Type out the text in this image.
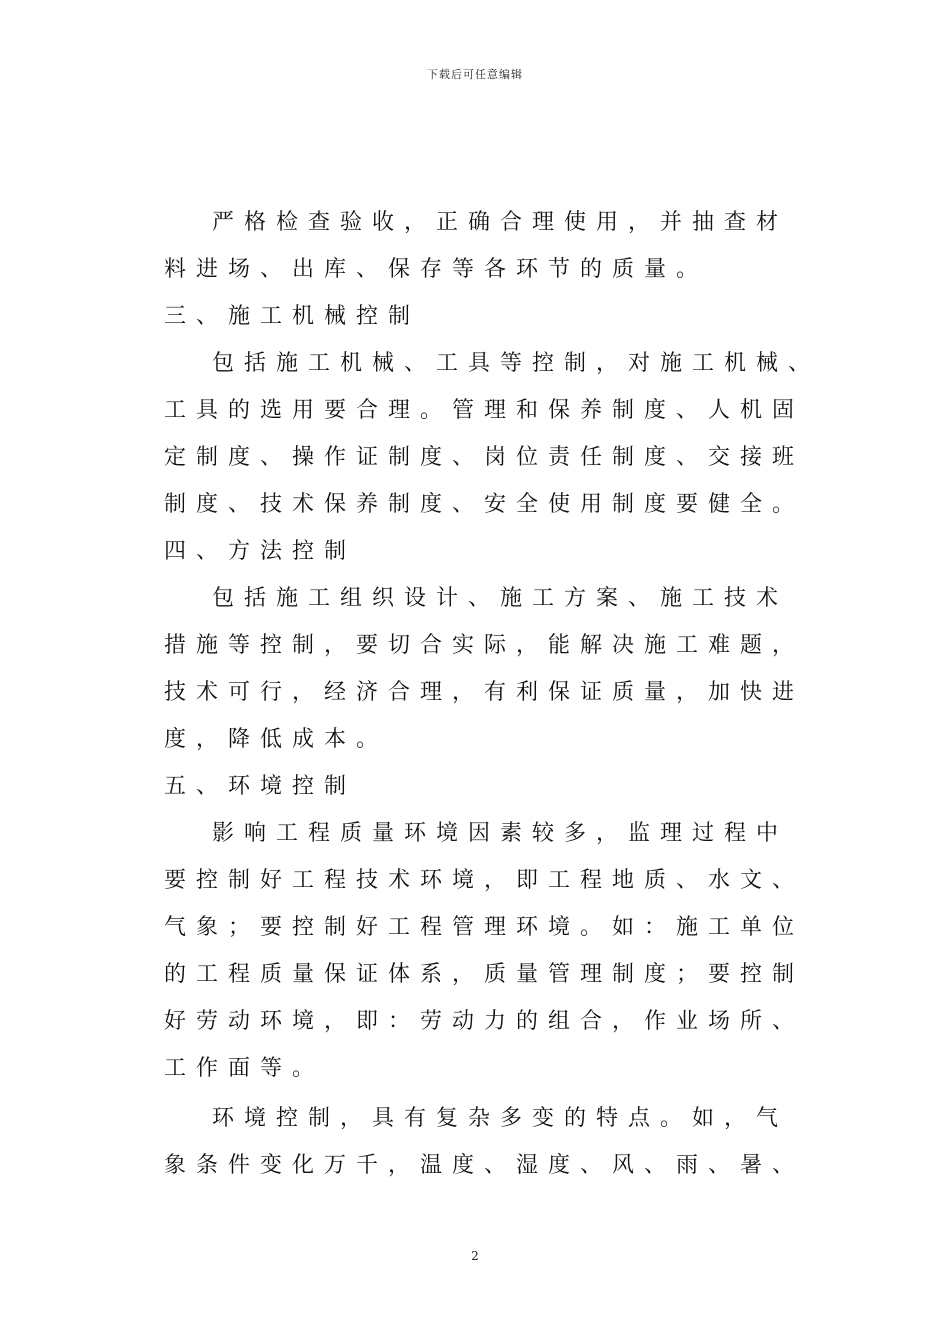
下载后可任意编辑
严格检查验收，正确合理使用，并抽查材
料进场、出库、保存等各环节的质量。
三、施工机械控制
包括施工机械、工具等控制，对施工机械、
工具的选用要合理。管理和保养制度、人机固
定制度、操作证制度、岗位责任制度、交接班
制度、技术保养制度、安全使用制度要健全。
四、方法控制
包括施工组织设计、施工方案、施工技术
措施等控制，要切合实际，能解决施工难题，
技术可行，经济合理，有利保证质量，加快进
度，降低成本。
五、环境控制
影响工程质量环境因素较多，监理过程中
要控制好工程技术环境，即工程地质、水文、
气象；要控制好工程管理环境。如：施工单位
的工程质量保证体系，质量管理制度；要控制
好劳动环境，即：劳动力的组合，作业场所、
工作面等。
环境控制，具有复杂多变的特点。如，气
象条件变化万千，温度、湿度、风、雨、暑、
2
